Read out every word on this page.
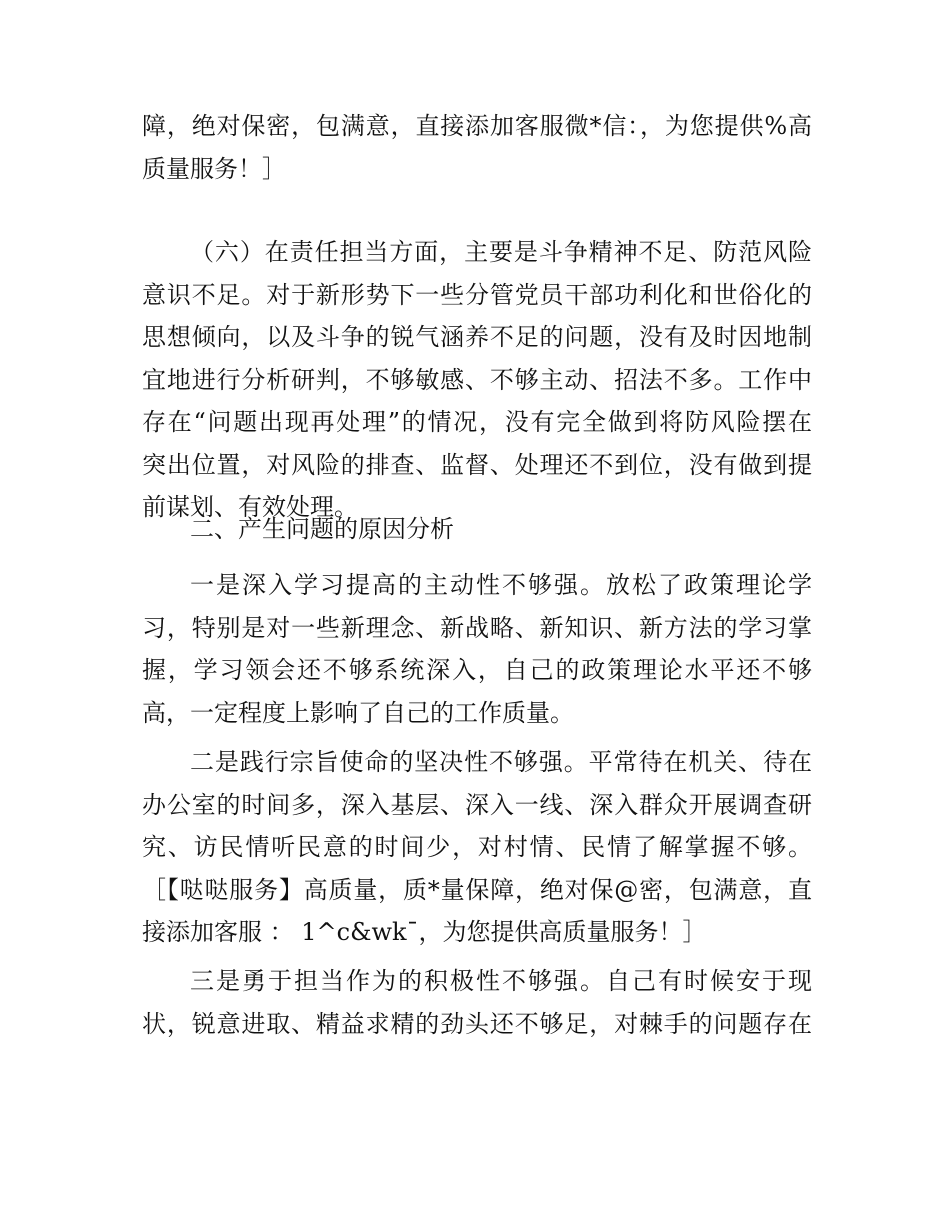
障，绝对保密，包满意，直接添加客服微*信：，为您提供%高
质量服务！］
（六）在责任担当方面，主要是斗争精神不足、防范风险
意识不足。对于新形势下一些分管党员干部功利化和世俗化的
思想倾向，以及斗争的锐气涵养不足的问题，没有及时因地制
宜地进行分析研判，不够敏感、不够主动、招法不多。工作中
存在“问题出现再处理”的情况，没有完全做到将防风险摆在
突出位置，对风险的排查、监督、处理还不到位，没有做到提
前谋划、有效处理。
二、产生问题的原因分析
一是深入学习提高的主动性不够强。放松了政策理论学
习，特别是对一些新理念、新战略、新知识、新方法的学习掌
握，学习领会还不够系统深入，自己的政策理论水平还不够
高，一定程度上影响了自己的工作质量。
二是践行宗旨使命的坚决性不够强。平常待在机关、待在
办公室的时间多，深入基层、深入一线、深入群众开展调查研
究、访民情听民意的时间少，对村情、民情了解掌握不够。
［【哒哒服务】高质量，质*量保障，绝对保@密，包满意，直
接添加客服 ： 1^c&wk¯，为您提供高质量服务！］
三是勇于担当作为的积极性不够强。自己有时候安于现
状，锐意进取、精益求精的劲头还不够足，对棘手的问题存在
